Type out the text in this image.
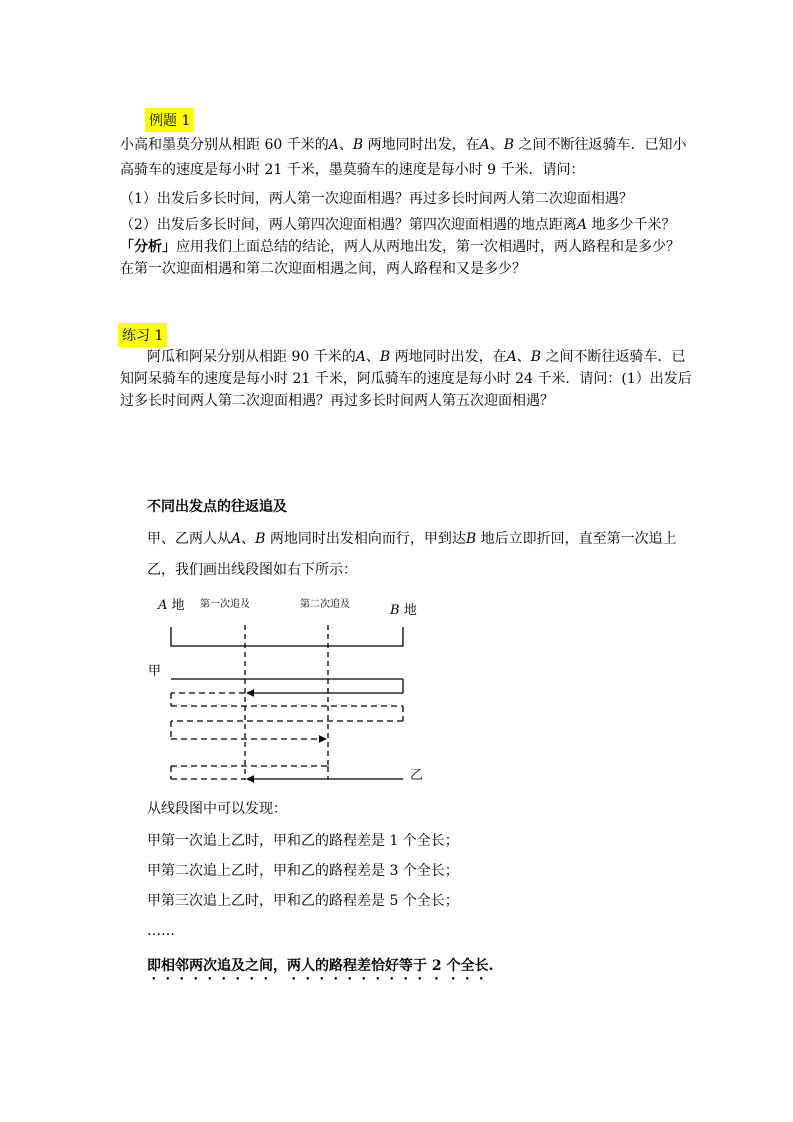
例题 1
小高和墨莫分别从相距 60 千米的A、B 两地同时出发，在A、B 之间不断往返骑车．已知小
高骑车的速度是每小时 21 千米，墨莫骑车的速度是每小时 9 千米．请问：
（1）出发后多长时间，两人第一次迎面相遇？再过多长时间两人第二次迎面相遇？
（2）出发后多长时间，两人第四次迎面相遇？第四次迎面相遇的地点距离A 地多少千米？
「分析」应用我们上面总结的结论，两人从两地出发，第一次相遇时，两人路程和是多少？
在第一次迎面相遇和第二次迎面相遇之间，两人路程和又是多少？
练习 1
阿瓜和阿呆分别从相距 90 千米的A、B 两地同时出发，在A、B 之间不断往返骑车．已
知阿呆骑车的速度是每小时 21 千米，阿瓜骑车的速度是每小时 24 千米．请问：(1）出发后
过多长时间两人第二次迎面相遇？再过多长时间两人第五次迎面相遇？
不同出发点的往返追及
甲、乙两人从A、B 两地同时出发相向而行，甲到达B 地后立即折回，直至第一次追上
乙，我们画出线段图如右下所示：
A 地 第一次追及	第二次追及	B 地
甲
乙
从线段图中可以发现：
甲第一次追上乙时，甲和乙的路程差是 1 个全长；
甲第二次追上乙时，甲和乙的路程差是 3 个全长；
甲第三次追上乙时，甲和乙的路程差是 5 个全长；
……
即相邻两次追及之间，两人的路程差恰好等于 2 个全长.
